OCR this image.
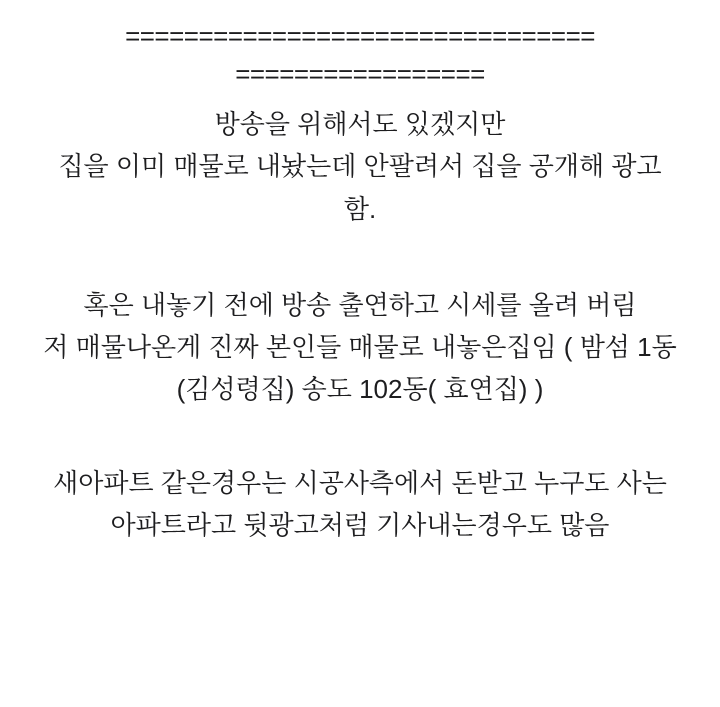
================================
=================

방송을 위해서도 있겠지만

집을 이미 매물로 내놨는데 안팔려서 집을 공개해 광고 함.

혹은 내놓기 전에 방송 출연하고 시세를 올려 버림

저 매물나온게 진짜 본인들 매물로 내놓은집임 ( 밤섬 1동 (김성령집) 송도 102동( 효연집) )

새아파트 같은경우는 시공사측에서 돈받고 누구도 사는 아파트라고 뒷광고처럼 기사내는경우도 많음
